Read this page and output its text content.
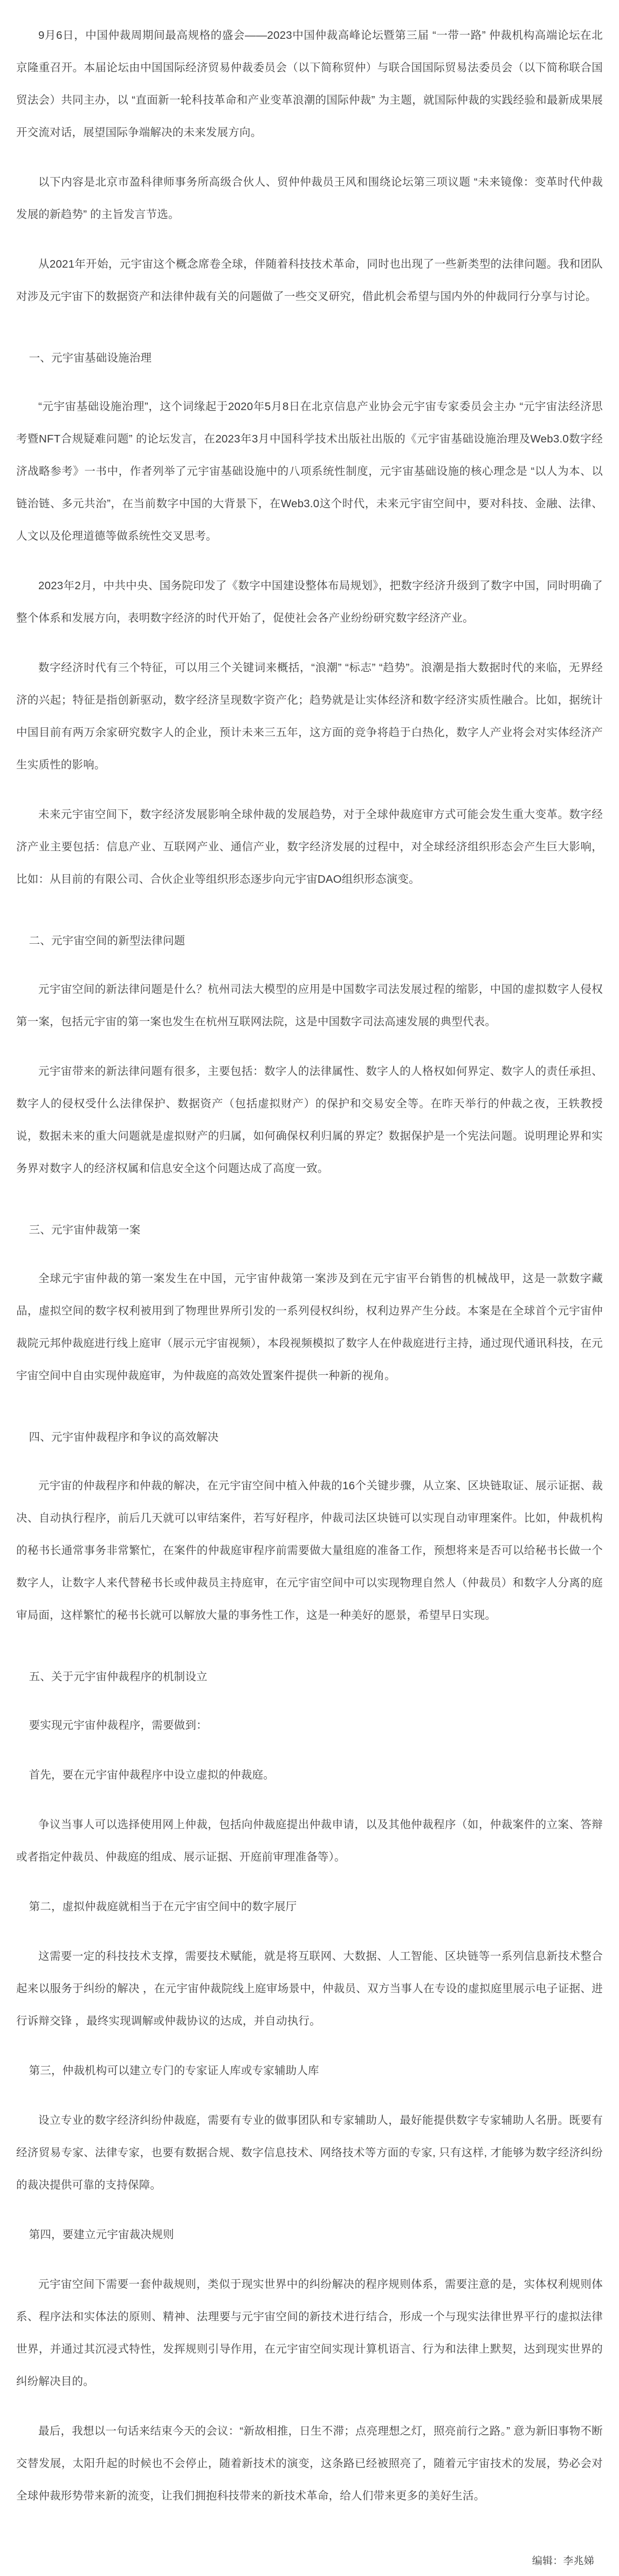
9月6日，中国仲裁周期间最高规格的盛会——2023中国仲裁高峰论坛暨第三届 “一带一路” 仲裁机构高端论坛在北京隆重召开。本届论坛由中国国际经济贸易仲裁委员会（以下简称贸仲）与联合国国际贸易法委员会（以下简称联合国贸法会）共同主办，以 “直面新一轮科技革命和产业变革浪潮的国际仲裁” 为主题，就国际仲裁的实践经验和最新成果展开交流对话，展望国际争端解决的未来发展方向。

以下内容是北京市盈科律师事务所高级合伙人、贸仲仲裁员王风和围绕论坛第三项议题 “未来镜像：变革时代仲裁发展的新趋势” 的主旨发言节选。

从2021年开始，元宇宙这个概念席卷全球，伴随着科技技术革命，同时也出现了一些新类型的法律问题。我和团队对涉及元宇宙下的数据资产和法律仲裁有关的问题做了一些交叉研究，借此机会希望与国内外的仲裁同行分享与讨论。

一、元宇宙基础设施治理

“元宇宙基础设施治理”，这个词缘起于2020年5月8日在北京信息产业协会元宇宙专家委员会主办 “元宇宙法经济思考暨NFT合规疑难问题” 的论坛发言，在2023年3月中国科学技术出版社出版的《元宇宙基础设施治理及Web3.0数字经济战略参考》一书中，作者列举了元宇宙基础设施中的八项系统性制度，元宇宙基础设施的核心理念是 “以人为本、以链治链、多元共治”，在当前数字中国的大背景下，在Web3.0这个时代，未来元宇宙空间中，要对科技、金融、法律、人文以及伦理道德等做系统性交叉思考。

2023年2月，中共中央、国务院印发了《数字中国建设整体布局规划》，把数字经济升级到了数字中国，同时明确了整个体系和发展方向，表明数字经济的时代开始了，促使社会各产业纷纷研究数字经济产业。

数字经济时代有三个特征，可以用三个关键词来概括，“浪潮” “标志” “趋势”。浪潮是指大数据时代的来临，无界经济的兴起；特征是指创新驱动，数字经济呈现数字资产化；趋势就是让实体经济和数字经济实质性融合。比如，据统计中国目前有两万余家研究数字人的企业，预计未来三五年，这方面的竞争将趋于白热化，数字人产业将会对实体经济产生实质性的影响。

未来元宇宙空间下，数字经济发展影响全球仲裁的发展趋势，对于全球仲裁庭审方式可能会发生重大变革。数字经济产业主要包括：信息产业、互联网产业、通信产业，数字经济发展的过程中，对全球经济组织形态会产生巨大影响，比如：从目前的有限公司、合伙企业等组织形态逐步向元宇宙DAO组织形态演变。

二、元宇宙空间的新型法律问题

元宇宙空间的新法律问题是什么？杭州司法大模型的应用是中国数字司法发展过程的缩影，中国的虚拟数字人侵权第一案，包括元宇宙的第一案也发生在杭州互联网法院，这是中国数字司法高速发展的典型代表。

元宇宙带来的新法律问题有很多，主要包括：数字人的法律属性、数字人的人格权如何界定、数字人的责任承担、数字人的侵权受什么法律保护、数据资产（包括虚拟财产）的保护和交易安全等。在昨天举行的仲裁之夜，王轶教授说，数据未来的重大问题就是虚拟财产的归属，如何确保权利归属的界定？数据保护是一个宪法问题。说明理论界和实务界对数字人的经济权属和信息安全这个问题达成了高度一致。

三、元宇宙仲裁第一案

全球元宇宙仲裁的第一案发生在中国，元宇宙仲裁第一案涉及到在元宇宙平台销售的机械战甲，这是一款数字藏品，虚拟空间的数字权利被用到了物理世界所引发的一系列侵权纠纷，权利边界产生分歧。本案是在全球首个元宇宙仲裁院元邦仲裁庭进行线上庭审（展示元宇宙视频），本段视频模拟了数字人在仲裁庭进行主持，通过现代通讯科技，在元宇宙空间中自由实现仲裁庭审，为仲裁庭的高效处置案件提供一种新的视角。

四、元宇宙仲裁程序和争议的高效解决

元宇宙的仲裁程序和仲裁的解决，在元宇宙空间中植入仲裁的16个关键步骤，从立案、区块链取证、展示证据、裁决、自动执行程序，前后几天就可以审结案件，若写好程序，仲裁司法区块链可以实现自动审理案件。比如，仲裁机构的秘书长通常事务非常繁忙，在案件的仲裁庭审程序前需要做大量组庭的准备工作，预想将来是否可以给秘书长做一个数字人，让数字人来代替秘书长或仲裁员主持庭审，在元宇宙空间中可以实现物理自然人（仲裁员）和数字人分离的庭审局面，这样繁忙的秘书长就可以解放大量的事务性工作，这是一种美好的愿景，希望早日实现。

五、关于元宇宙仲裁程序的机制设立

要实现元宇宙仲裁程序，需要做到：

首先，要在元宇宙仲裁程序中设立虚拟的仲裁庭。

争议当事人可以选择使用网上仲裁，包括向仲裁庭提出仲裁申请，以及其他仲裁程序（如，仲裁案件的立案、答辩或者指定仲裁员、仲裁庭的组成、展示证据、开庭前审理准备等）。

第二，虚拟仲裁庭就相当于在元宇宙空间中的数字展厅

这需要一定的科技技术支撑，需要技术赋能，就是将互联网、大数据、人工智能、区块链等一系列信息新技术整合起来以服务于纠纷的解决 ，在元宇宙仲裁院线上庭审场景中，仲裁员、双方当事人在专设的虚拟庭里展示电子证据、进行诉辩交锋 ，最终实现调解或仲裁协议的达成，并自动执行。

第三，仲裁机构可以建立专门的专家证人库或专家辅助人库

设立专业的数字经济纠纷仲裁庭，需要有专业的做事团队和专家辅助人，最好能提供数字专家辅助人名册。既要有经济贸易专家、法律专家，也要有数据合规、数字信息技术、网络技术等方面的专家, 只有这样, 才能够为数字经济纠纷的裁决提供可靠的支持保障。

第四，要建立元宇宙裁决规则

元宇宙空间下需要一套仲裁规则，类似于现实世界中的纠纷解决的程序规则体系，需要注意的是，实体权利规则体系、程序法和实体法的原则、精神、法理要与元宇宙空间的新技术进行结合，形成一个与现实法律世界平行的虚拟法律世界，并通过其沉浸式特性，发挥规则引导作用，在元宇宙空间实现计算机语言、行为和法律上默契，达到现实世界的纠纷解决目的。

最后，我想以一句话来结束今天的会议：“新故相推，日生不滞；点亮理想之灯，照亮前行之路。” 意为新旧事物不断交替发展，太阳升起的时候也不会停止，随着新技术的演变，这条路已经被照亮了，随着元宇宙技术的发展，势必会对全球仲裁形势带来新的流变，让我们拥抱科技带来的新技术革命，给人们带来更多的美好生活。

编辑：李兆娣
